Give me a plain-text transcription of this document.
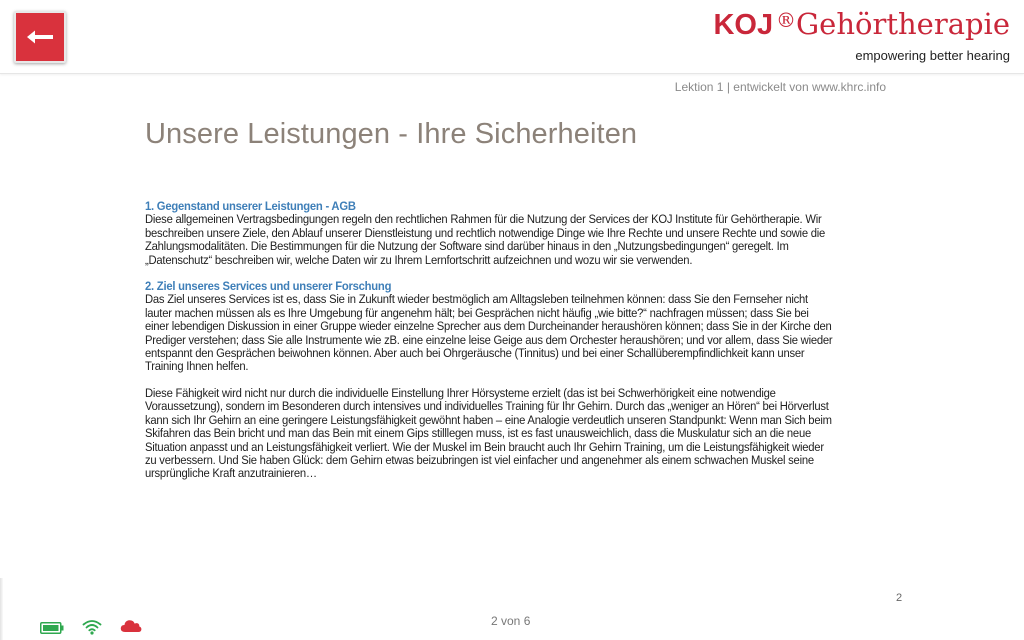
KOJ  ®Gehörtherapie
empowering better hearing
Lektion 1 | entwickelt von www.khrc.info
Unsere Leistungen - Ihre Sicherheiten
1. Gegenstand unserer Leistungen - AGB
Diese allgemeinen Vertragsbedingungen regeln den rechtlichen Rahmen für die Nutzung der Services der KOJ Institute für Gehörtherapie. Wir beschreiben unsere Ziele, den Ablauf unserer Dienstleistung und rechtlich notwendige Dinge wie Ihre Rechte und unsere Rechte und sowie die Zahlungsmodalitäten. Die Bestimmungen für die Nutzung der Software sind darüber hinaus in den „Nutzungsbedingungen“ geregelt. Im „Datenschutz“ beschreiben wir, welche Daten wir zu Ihrem Lernfortschritt aufzeichnen und wozu wir sie verwenden.
2. Ziel unseres Services und unserer Forschung
Das Ziel unseres Services ist es, dass Sie in Zukunft wieder bestmöglich am Alltagsleben teilnehmen können: dass Sie den Fernseher nicht lauter machen müssen als es Ihre Umgebung für angenehm hält; bei Gesprächen nicht häufig „wie bitte?“ nachfragen müssen; dass Sie bei einer lebendigen Diskussion in einer Gruppe wieder einzelne Sprecher aus dem Durcheinander heraushören können; dass Sie in der Kirche den Prediger verstehen; dass Sie alle Instrumente wie zB. eine einzelne leise Geige aus dem Orchester heraushören; und vor allem, dass Sie wieder entspannt den Gesprächen beiwohnen können. Aber auch bei Ohrgeräusche (Tinnitus) und bei einer Schallüberempfindlichkeit kann unser Training Ihnen helfen.
Diese Fähigkeit wird nicht nur durch die individuelle Einstellung Ihrer Hörsysteme erzielt (das ist bei Schwerhörigkeit eine notwendige Voraussetzung), sondern im Besonderen durch intensives und individuelles Training für Ihr Gehirn. Durch das „weniger an Hören“ bei Hörverlust kann sich Ihr Gehirn an eine geringere Leistungsfähigkeit gewöhnt haben – eine Analogie verdeutlich unseren Standpunkt: Wenn man Sich beim Skifahren das Bein bricht und man das Bein mit einem Gips stilllegen muss, ist es fast unausweichlich, dass die Muskulatur sich an die neue Situation anpasst und an Leistungsfähigkeit verliert. Wie der Muskel im Bein braucht auch Ihr Gehirn Training, um die Leistungsfähigkeit wieder zu verbessern. Und Sie haben Glück: dem Gehirn etwas beizubringen ist viel einfacher und angenehmer als einem schwachen Muskel seine ursprüngliche Kraft anzutrainieren…
2
2 von 6
